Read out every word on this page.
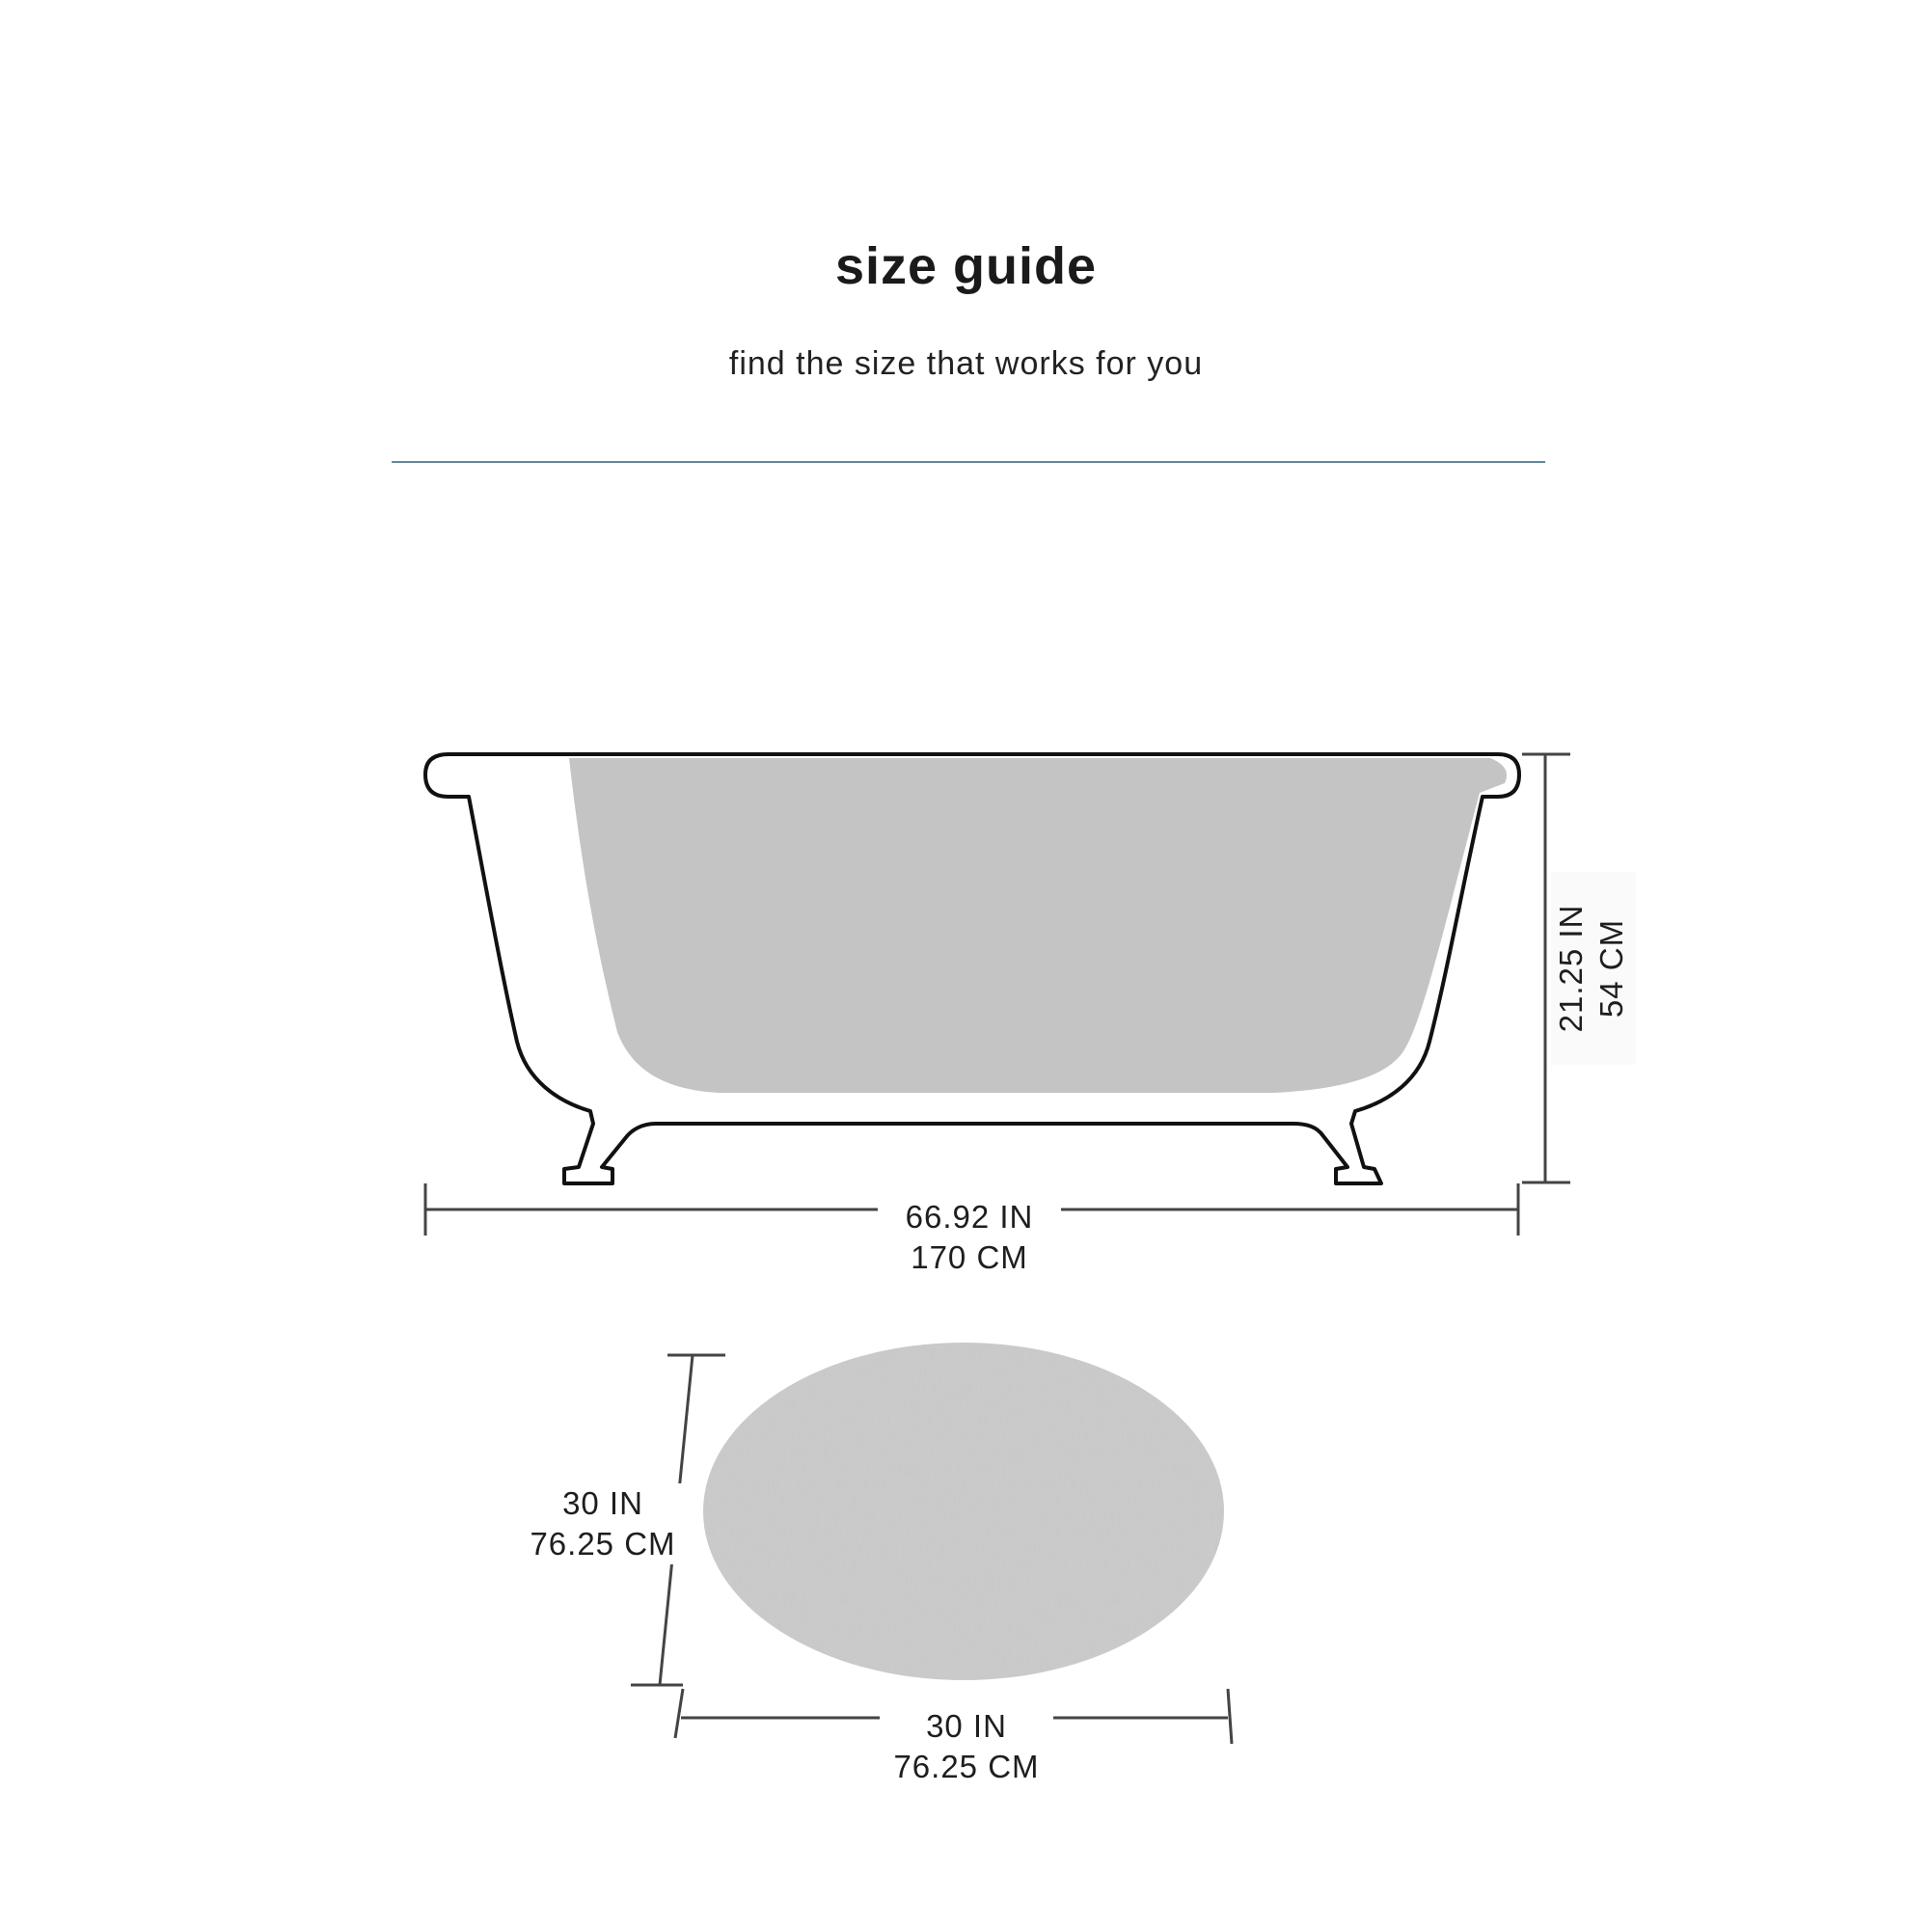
size guide
find the size that works for you
66.92 IN
170 CM
21.25 IN 54 CM
30 IN
76.25 CM
30 IN
76.25 CM
